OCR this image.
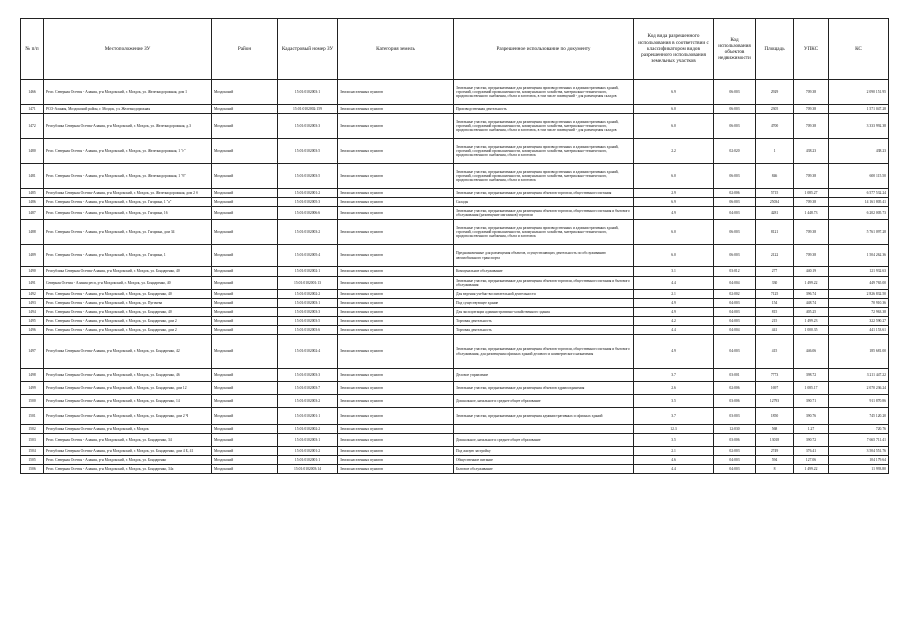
№ п/п	Местоположение ЗУ	Район	Кадастровый номер ЗУ	Категория земель	Разрешенное использование по документу	Код вида разрешенного использования в соответствии с классификатором видов разрешенного использования земельных участков	Код использования объектов недвижимости	Площадь	УПКС	КС
1466	Респ. Северная Осетия - Алания, р-н Моздокский, г. Моздок, ул. Железнодорожная, дом 1	Моздокский	15:01:0102003:1	Земли населенных пунктов	Земельные участки, предназначенные для размещения производственных и административных зданий, строений, сооружений промышленности, коммунального хозяйства, материально-технического, продовольственного снабжения, сбыта и заготовок, в том числе помещений - для размещения складов	6.9	06:003	2929	709.38	2 090 151.95
1471	РСО-Алания, Моздокский район, г. Моздок, ул. Железнодорожная	Моздокский	15:01:0102002:159	Земли населенных пунктов	Производственная деятельность	6.0	06:003	2305	709.38	1 571 047.28
1472	Республика Северная Осетия-Алания, р-н Моздокский, г. Моздок, ул. Железнодорожная, д.3	Моздокский	15:01:0102003:3	Земли населенных пунктов	Земельные участки, предназначенные для размещения производственных и административных зданий, строений, сооружений промышленности, коммунального хозяйства, материально-технического, продовольственного снабжения, сбыта и заготовок, в том числе помещений - для размещения складов	6.0	06:003	4700	709.38	3 333 992.38
1480	Респ. Северная Осетия - Алания, р-н Моздокский, г. Моздок, ул. Железнодорожная, 1 "г"	Моздокский	15:01:0102003:5	Земли населенных пунктов	Земельные участки, предназначенные для размещения производственных и административных зданий, строений, сооружений промышленности, коммунального хозяйства, материально-технического, продовольственного снабжения, сбыта и заготовок	2.2	02:020	1	438.23	438.23
1481	Респ. Северная Осетия - Алания, р-н Моздокский, г. Моздок, ул. Железнодорожная, 1 "б"	Моздокский	15:01:0102003:5	Земли населенных пунктов	Земельные участки, предназначенные для размещения производственных и административных зданий, строений, сооружений промышленности, коммунального хозяйства, материально-технического, продовольственного снабжения, сбыта и заготовок	6.0	06:003	846	709.38	600 115.50
1485	Республика Северная Осетия-Алания, р-н Моздокский, г. Моздок, ул. Железнодорожная, дом 2 б	Моздокский	15:01:0102001:2	Земли населенных пунктов	Земельные участки, предназначенные для размещения объектов торговли, общественного питания	2.9	02:006	5715	1 085.27	6 577 532.24
1486	Респ. Северная Осетия - Алания, р-н Моздокский, г. Моздок, ул. Гагарина, 1 "а"	Моздокский	15:01:0102005:3	Земли населенных пунктов	Склады	6.9	06:003	25034	709.38	14 161 805.41
1487	Респ. Северная Осетия - Алания, р-н Моздокский, г. Моздок, ул. Гагарина, 16	Моздокский	15:01:0102006:6	Земли населенных пунктов	Земельные участки, предназначенные для размещения объектов торговли, общественного питания и бытового обслуживания (размещение магазинов) торговли	4.9	04:003	4281	1 448.73	6 202 005.73
1488	Респ. Северная Осетия - Алания, р-н Моздокский, г. Моздок, ул. Гагарина, дом 34	Моздокский	15:01:0102003:2	Земли населенных пунктов	Земельные участки, предназначенные для размещения производственных и административных зданий, строений, сооружений промышленности, коммунального хозяйства, материально-технического, продовольственного снабжения, сбыта и заготовок	6.0	06:003	8121	709.38	5 761 097.28
1489	Респ. Северная Осетия - Алания, р-н Моздокский, г. Моздок, ул. Гагарина, 1	Моздокский	15:01:0102005:4	Земли населенных пунктов	Предназначенные для размещения объектов, осуществляющих деятельность по обслуживанию автомобильного транспорта	6.0	06:003	2122	709.38	1 504 262.36
1490	Республика Северная Осетия-Алания, р-н Моздокский, г. Моздок, ул. Бондаренко, 40	Моздокский	15:01:0102002:1	Земли населенных пунктов	Коммунальное обслуживание	3.1	03:012	277	440.19	121 932.63
1491	Северная Осетия - Алания респ, р-н Моздокский, г. Моздок, ул. Бондаренко, 40	Моздокский	15:01:0102001:13	Земли населенных пунктов	Земельные участки, предназначенные для размещения объектов торговли, общественного питания и бытового обслуживания	4.4	04:004	330	1 499.22	449 765.00
1492	Респ. Северная Осетия - Алания, р-н Моздокский, г. Моздок, ул. Бондаренко, 40	Моздокский	15:01:0102002:2	Земли населенных пунктов	Для ведения учебно-воспитательной деятельности	2.1	02:002	7125	396.74	2 826 832.50
1493	Респ. Северная Осетия - Алания, р-н Моздокский, г. Моздок, ул. Пугачева	Моздокский	15:01:0102003:1	Земли населенных пунктов	Под существующее здание	4.9	04:003	154	448.74	70 910.36
1494	Респ. Северная Осетия - Алания, р-н Моздокский, г. Моздок, ул. Бондаренко, 40	Моздокский	15:01:0102003:3	Земли населенных пунктов	Для эксплуатации административно-хозяйственного здания	4.9	04:003	815	405.25	72 963.38
1495	Респ. Северная Осетия - Алания, р-н Моздокский, г. Моздок, ул. Бондаренко, дом 2	Моздокский	15:01:0102003:5	Земли населенных пунктов	Торговая деятельность	4.2	04:003	215	1 499.23	322 590.27
1496	Респ. Северная Осетия - Алания, р-н Моздокский, г. Моздок, ул. Бондаренко, дом 2	Моздокский	15:01:0102003:6	Земли населенных пунктов	Торговая деятельность	4.4	04:004	441	1 000.35	441 153.61
1497	Республика Северная Осетия-Алания, р-н Моздокский, г. Моздок, ул. Бондаренко, 42	Моздокский	15:01:0102002:4	Земли населенных пунктов	Земельные участки, предназначенные для размещения объектов торговли, общественного питания и бытового обслуживания, для размещения офисных зданий делового и коммерческого назначения	4.9	04:003	415	446.06	185 681.00
1498	Республика Северная Осетия-Алания, р-н Моздокский, г. Моздок, ул. Бондаренко, 46	Моздокский	15:01:0102003:3	Земли населенных пунктов	Деловое управление	3.7	03:001	7773	398.72	3 211 447.22
1499	Республика Северная Осетия-Алания, р-н Моздокский, г. Моздок, ул. Бондаренко, дом 12	Моздокский	15:01:0102003:7	Земли населенных пунктов	Земельные участки, предназначенные для размещения объектов здравоохранения	2.6	02:006	1697	1 085.17	2 070 236.24
1500	Республика Северная Осетия-Алания, р-н Моздокский, г. Моздок, ул. Бондаренко, 14	Моздокский	15:01:0102003:2	Земли населенных пунктов	Дошкольное, начальное и среднее общее образование	3.5	03:006	12793	390.71	911 870.86
1501	Республика Северная Осетия-Алания, р-н Моздокский, г. Моздок, ул. Бондаренко, дом 2 Ч	Моздокский	15:01:0102001:1	Земли населенных пунктов	Земельные участки, предназначенные для размещения административных и офисных зданий	3.7	03:003	1850	390.76	745 120.20
1502	Республика Северная Осетия-Алания, р-н Моздокский, г. Моздок	Моздокский	15:01:0102002:2	Земли населенных пунктов		12.3	12:030	568	1.27	720.76
1503	Респ. Северная Осетия - Алания, р-н Моздокский, г. Моздок, ул. Бондаренко, 34	Моздокский	15:01:0102003:1	Земли населенных пунктов	Дошкольное, начальное и среднее общее образование	3.5	03:006	13018	390.72	7 665 711.41
1504	Республика Северная Осетия-Алания, р-н Моздокский, г. Моздок, ул. Бондаренко, дом 4 Б, 41	Моздокский	15:01:0102001:2	Земли населенных пунктов	Под жилую застройку	2.1	02:003	2749	376.41	3 504 551.76
1505	Респ. Северная Осетия - Алания, р-н Моздокский, г. Моздок, ул. Бондаренко	Моздокский	15:01:0102001:1	Земли населенных пунктов	Общественное питание	4.6	04:003	594	127.06	104 179.64
1506	Респ. Северная Осетия - Алания, р-н Моздокский, г. Моздок, ул. Бондаренко, 34а	Моздокский	15:01:0102003:14	Земли населенных пунктов	Бытовое обслуживание	4.4	04:003	8	1 499.22	11 993.80
